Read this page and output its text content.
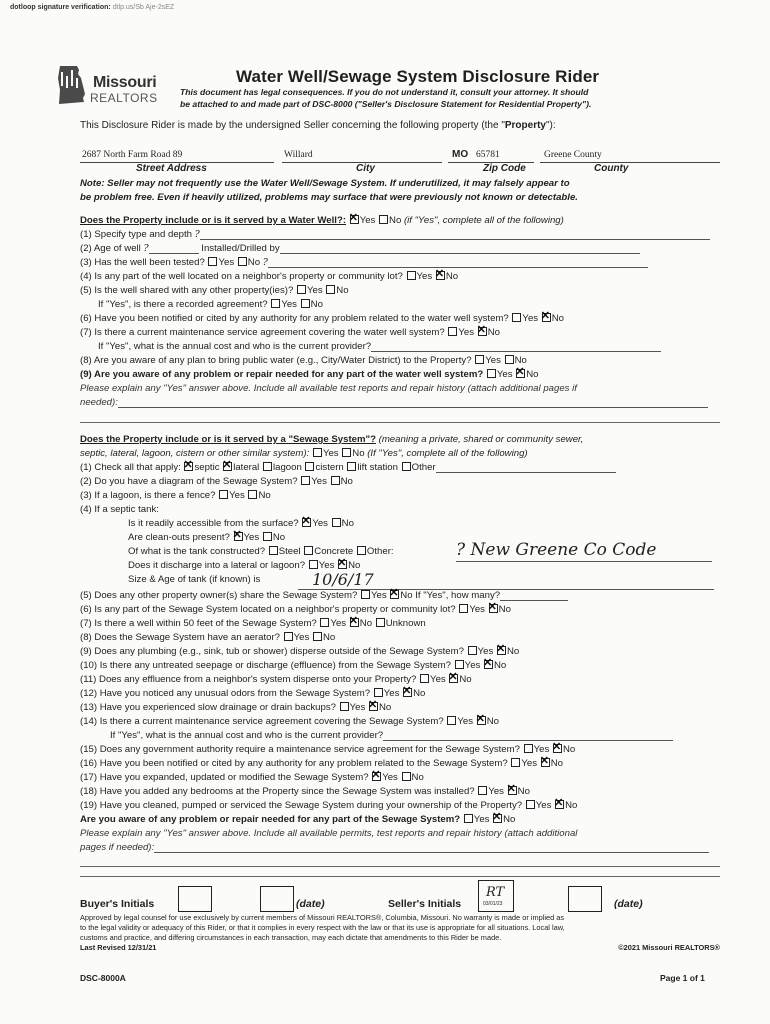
dotloop signature verification: dtlp.us/Sb Aje-2sEZ
Missouri
REALTORS
Water Well/Sewage System Disclosure Rider
This document has legal consequences. If you do not understand it, consult your attorney. It should
be attached to and made part of DSC-8000 ("Seller's Disclosure Statement for Residential Property").
This Disclosure Rider is made by the undersigned Seller concerning the following property (the "Property"):
2687 North Farm Road 89	Willard	MO 65781	Greene County
Street Address	City	Zip Code	County
Note: Seller may not frequently use the Water Well/Sewage System. If underutilized, it may falsely appear to
be problem free. Even if heavily utilized, problems may surface that were previously not known or detectable.
Does the Property include or is it served by a Water Well?: ✕ Yes No (if "Yes", complete all of the following)
(1) Specify type and depth ?
(2) Age of well ?	Installed/Drilled by
(3) Has the well been tested? Yes No ?
(4) Is any part of the well located on a neighbor's property or community lot? Yes ✕ No
(5) Is the well shared with any other property(ies)? Yes No
If "Yes", is there a recorded agreement? Yes No
(6) Have you been notified or cited by any authority for any problem related to the water well system? Yes ✕ No
(7) Is there a current maintenance service agreement covering the water well system? Yes ✕ No
If "Yes", what is the annual cost and who is the current provider?
(8) Are you aware of any plan to bring public water (e.g., City/Water District) to the Property? Yes No
(9) Are you aware of any problem or repair needed for any part of the water well system? Yes ✕ No
Please explain any "Yes" answer above. Include all available test reports and repair history (attach additional pages if
needed):
Does the Property include or is it served by a "Sewage System"? (meaning a private, shared or community sewer,
septic, lateral, lagoon, cistern or other similar system): Yes No (If "Yes", complete all of the following)
(1) Check all that apply: ✕ septic ✕ lateral lagoon cistern lift station Other
(2) Do you have a diagram of the Sewage System? Yes No
(3) If a lagoon, is there a fence? Yes No
(4) If a septic tank:
Is it readily accessible from the surface? ✕ Yes No
Are clean-outs present? ✕ Yes No
Of what is the tank constructed? Steel Concrete Other:	? New Greene Co Code
Does it discharge into a lateral or lagoon? Yes ✕ No
Size & Age of tank (if known) is	10/6/17
(5) Does any other property owner(s) share the Sewage System? Yes ✕ No If "Yes", how many?
(6) Is any part of the Sewage System located on a neighbor's property or community lot? Yes ✕ No
(7) Is there a well within 50 feet of the Sewage System? Yes ✕ No Unknown
(8) Does the Sewage System have an aerator? Yes No
(9) Does any plumbing (e.g., sink, tub or shower) disperse outside of the Sewage System? Yes ✕ No
(10) Is there any untreated seepage or discharge (effluence) from the Sewage System? Yes ✕ No
(11) Does any effluence from a neighbor's system disperse onto your Property? Yes ✕ No
(12) Have you noticed any unusual odors from the Sewage System? Yes ✕ No
(13) Have you experienced slow drainage or drain backups? Yes ✕ No
(14) Is there a current maintenance service agreement covering the Sewage System? Yes ✕ No
If "Yes", what is the annual cost and who is the current provider?
(15) Does any government authority require a maintenance service agreement for the Sewage System? Yes ✕ No
(16) Have you been notified or cited by any authority for any problem related to the Sewage System? Yes ✕ No
(17) Have you expanded, updated or modified the Sewage System? ✕ Yes No
(18) Have you added any bedrooms at the Property since the Sewage System was installed? Yes ✕ No
(19) Have you cleaned, pumped or serviced the Sewage System during your ownership of the Property? Yes ✕ No
Are you aware of any problem or repair needed for any part of the Sewage System? Yes ✕ No
Please explain any "Yes" answer above. Include all available permits, test reports and repair history (attach additional
pages if needed):
Buyer's Initials	(date)	Seller's Initials
RT
03/01/23	(date)
Approved by legal counsel for use exclusively by current members of Missouri REALTORS®, Columbia, Missouri. No warranty is made or implied as
to the legal validity or adequacy of this Rider, or that it complies in every respect with the law or that its use is appropriate for all situations. Local law,
customs and practice, and differing circumstances in each transaction, may each dictate that amendments to this Rider be made.
Last Revised 12/31/21	©2021 Missouri REALTORS®
DSC-8000A	Page 1 of 1
